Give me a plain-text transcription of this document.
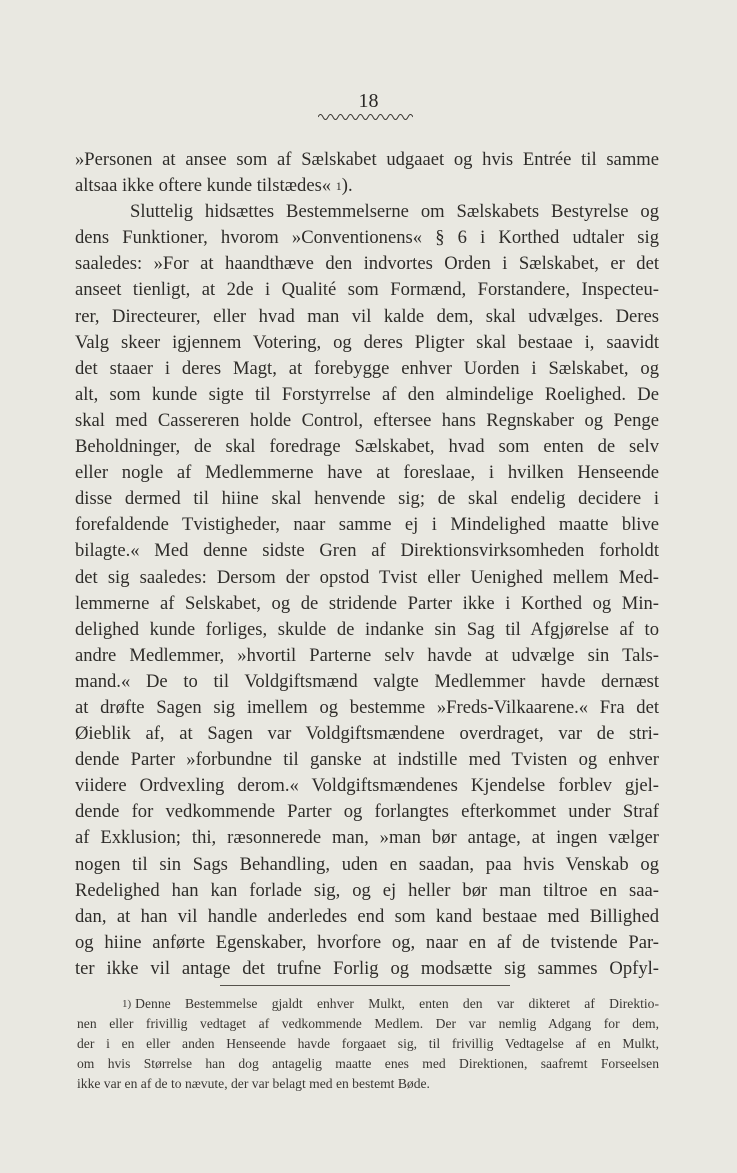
18
»Personen at ansee som af Sælskabet udgaaet og hvis Entrée til samme
altsaa ikke oftere kunde tilstædes« $^1$).
Sluttelig hidsættes Bestemmelserne om Sælskabets Bestyrelse og
dens Funktioner, hvorom »Conventionens« § 6 i Korthed udtaler sig
saaledes: »For at haandthæve den indvortes Orden i Sælskabet, er det
anseet tienligt, at 2de i Qualité som Formænd, Forstandere, Inspecteu-
rer, Directeurer, eller hvad man vil kalde dem, skal udvælges. Deres
Valg skeer igjennem Votering, og deres Pligter skal bestaae i, saavidt
det staaer i deres Magt, at forebygge enhver Uorden i Sælskabet, og
alt, som kunde sigte til Forstyrrelse af den almindelige Roelighed. De
skal med Cassereren holde Control, eftersee hans Regnskaber og Penge
Beholdninger, de skal foredrage Sælskabet, hvad som enten de selv
eller nogle af Medlemmerne have at foreslaae, i hvilken Henseende
disse dermed til hiine skal henvende sig; de skal endelig decidere i
forefaldende Tvistigheder, naar samme ej i Mindelighed maatte blive
bilagte.« Med denne sidste Gren af Direktionsvirksomheden forholdt
det sig saaledes: Dersom der opstod Tvist eller Uenighed mellem Med-
lemmerne af Selskabet, og de stridende Parter ikke i Korthed og Min-
delighed kunde forliges, skulde de indanke sin Sag til Afgjørelse af to
andre Medlemmer, »hvortil Parterne selv havde at udvælge sin Tals-
mand.« De to til Voldgiftsmænd valgte Medlemmer havde dernæst
at drøfte Sagen sig imellem og bestemme »Freds-Vilkaarene.« Fra det
Øieblik af, at Sagen var Voldgiftsmændene overdraget, var de stri-
dende Parter »forbundne til ganske at indstille med Tvisten og enhver
viidere Ordvexling derom.« Voldgiftsmændenes Kjendelse forblev gjel-
dende for vedkommende Parter og forlangtes efterkommet under Straf
af Exklusion; thi, ræsonnerede man, »man bør antage, at ingen vælger
nogen til sin Sags Behandling, uden en saadan, paa hvis Venskab og
Redelighed han kan forlade sig, og ej heller bør man tiltroe en saa-
dan, at han vil handle anderledes end som kand bestaae med Billighed
og hiine anførte Egenskaber, hvorfore og, naar en af de tvistende Par-
ter ikke vil antage det trufne Forlig og modsætte sig sammes Opfyl-
$^{1)}$ Denne Bestemmelse gjaldt enhver Mulkt, enten den var dikteret af Direktio-
nen eller frivillig vedtaget af vedkommende Medlem. Der var nemlig Adgang for dem,
der i en eller anden Henseende havde forgaaet sig, til frivillig Vedtagelse af en Mulkt,
om hvis Størrelse han dog antagelig maatte enes med Direktionen, saafremt Forseelsen
ikke var en af de to nævute, der var belagt med en bestemt Bøde.
